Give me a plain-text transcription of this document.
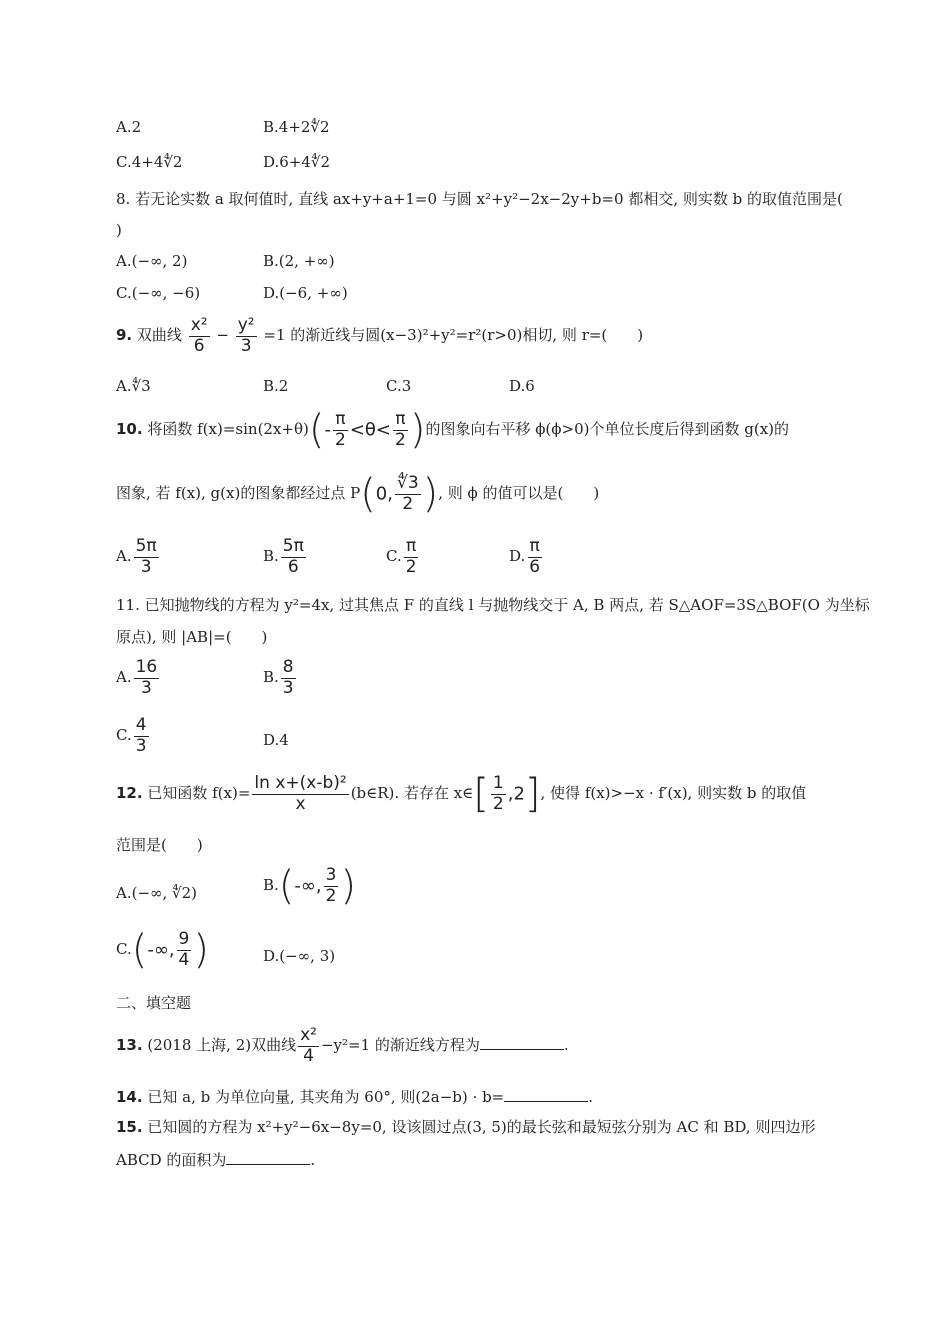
A.2	B.4+2∜2
C.4+4∜2	D.6+4∜2
8. 若无论实数 a 取何值时, 直线 ax+y+a+1=0 与圆 x²+y²−2x−2y+b=0 都相交, 则实数 b 的取值范围是(
)
A.(−∞, 2)	B.(2, +∞)
C.(−∞, −6)	D.(−6, +∞)
9. 双曲线 $\frac{\text{x²}}{6} - \frac{\text{y²}}{3} =1$ 的渐近线与圆(x−3)²+y²=r²(r>0)相切, 则 r=(　　)
A.∜3	B.2	C.3	D.6
10. 将函数 $f(x)=\sin(2x+\theta)(- \frac{\pi}{2} <\theta< \frac{\pi}{2}$ )的图象向右平移 ϕ(ϕ>0)个单位长度后得到函数 g(x)的
图象, 若 f(x), g(x)的图象都经过点 P(0, $\frac{∜3}{2}$ ), 则 ϕ 的值可以是(　　)
A. $\frac{5\pi}{3}$	B. $\frac{5\pi}{6}$	C. $\frac{\pi}{2}$	D. $\frac{\pi}{6}$
11. 已知抛物线的方程为 y²=4x, 过其焦点 F 的直线 l 与抛物线交于 A, B 两点, 若 S△AOF=3S△BOF(O 为坐标
原点), 则 |AB|=(　　)
A. $\frac{16}{3}$	B. $\frac{8}{3}$
C. $\frac{4}{3}$	D.4
12. 已知函数 $f(x)= \frac{\text{ln x+(x-b)²}}{x}$ (b∈R). 若存在 x∈[ $\frac{1}{2} ,2$], 使得 f(x)>−x · f′(x), 则实数 b 的取值
范围是(　　)
A.(−∞, ∜2)	B.(-∞, $\frac{3}{2}$ )
C.(-∞, $\frac{9}{4}$ )	D.(−∞, 3)
二、填空题
13. (2018 上海, 2)双曲线 $\frac{\text{x²}}{4} -y^2=1$ 的渐近线方程为	.
14. 已知 a, b 为单位向量, 其夹角为 60°, 则(2a−b) · b=	.
15. 已知圆的方程为 x²+y²−6x−8y=0, 设该圆过点(3, 5)的最长弦和最短弦分别为 AC 和 BD, 则四边形
ABCD 的面积为	.
